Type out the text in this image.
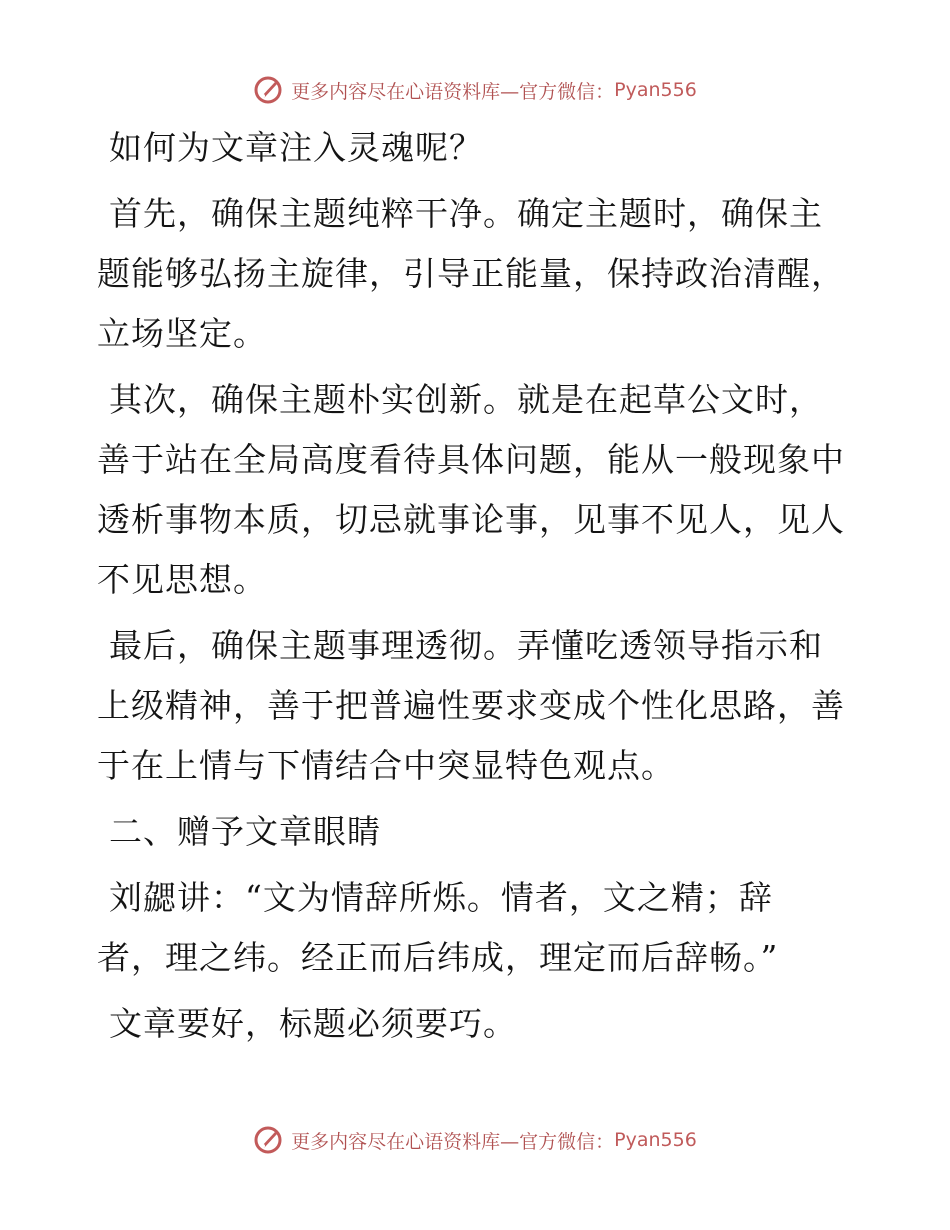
更多内容尽在心语资料库—官方微信： Pyan556

如何为文章注入灵魂呢？

首先，确保主题纯粹干净。确定主题时，确保主
题能够弘扬主旋律，引导正能量，保持政治清醒，
立场坚定。

其次，确保主题朴实创新。就是在起草公文时，
善于站在全局高度看待具体问题，能从一般现象中
透析事物本质，切忌就事论事，见事不见人，见人
不见思想。

最后，确保主题事理透彻。弄懂吃透领导指示和
上级精神，善于把普遍性要求变成个性化思路，善
于在上情与下情结合中突显特色观点。

二、赠予文章眼睛

刘勰讲：“文为情辞所烁。情者，文之精；辞
者，理之纬。经正而后纬成，理定而后辞畅。”

文章要好，标题必须要巧。

更多内容尽在心语资料库—官方微信： Pyan556
